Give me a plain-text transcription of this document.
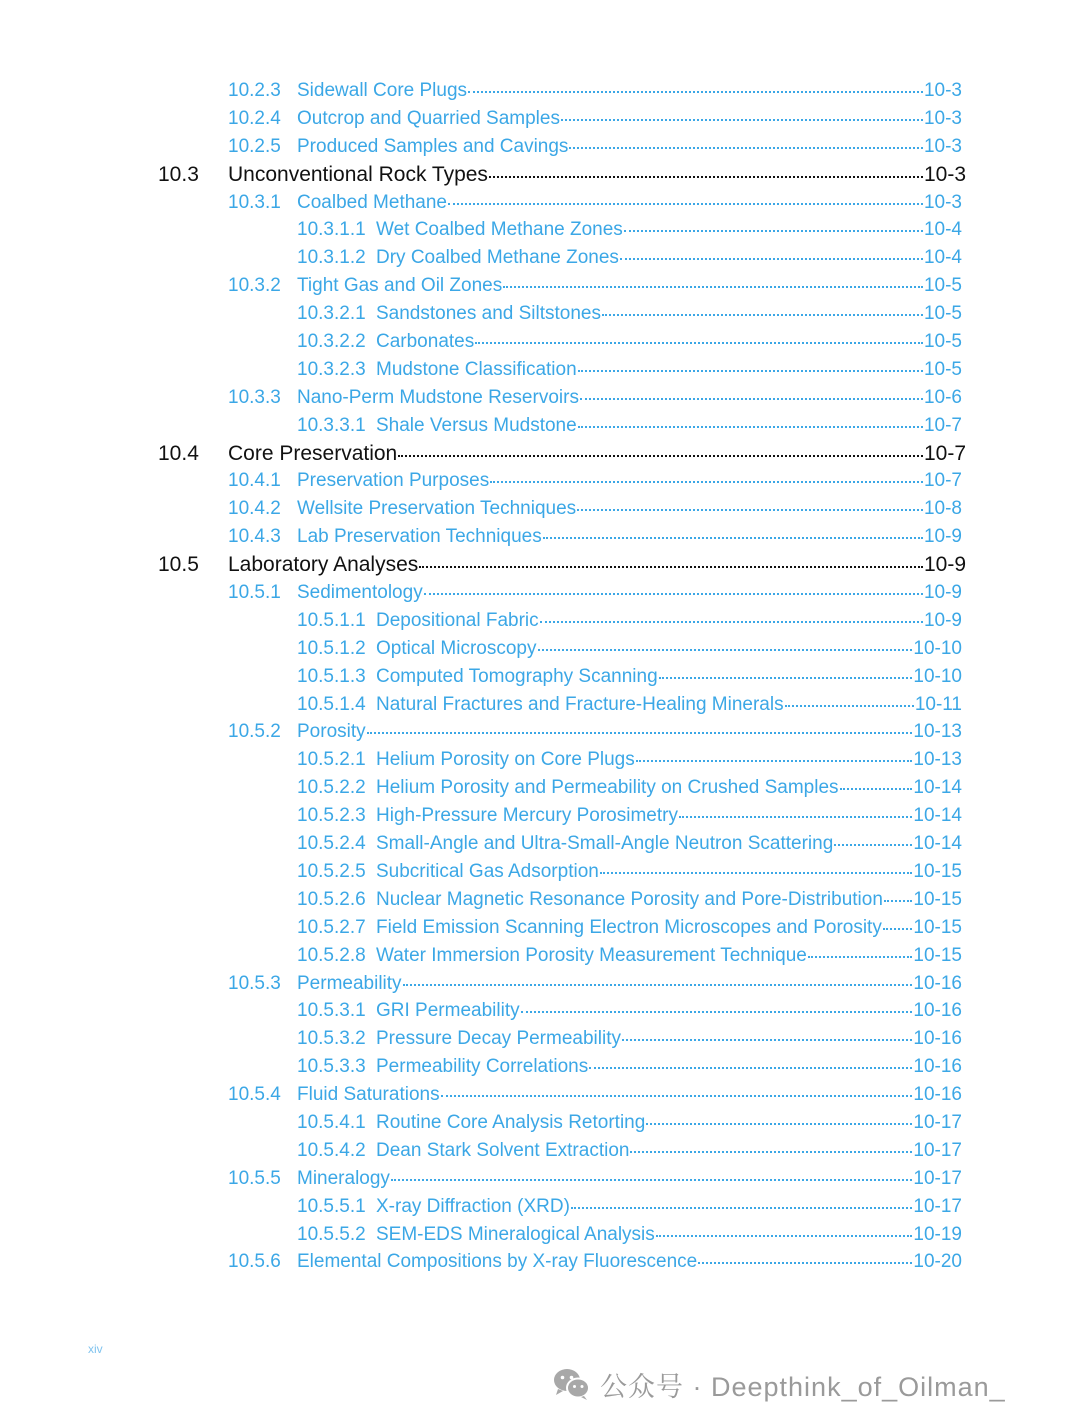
10.2.3 Sidewall Core Plugs	10-3
10.2.4 Outcrop and Quarried Samples	10-3
10.2.5 Produced Samples and Cavings	10-3
10.3 Unconventional Rock Types	10-3
10.3.1 Coalbed Methane	10-3
10.3.1.1 Wet Coalbed Methane Zones	10-4
10.3.1.2 Dry Coalbed Methane Zones	10-4
10.3.2 Tight Gas and Oil Zones	10-5
10.3.2.1 Sandstones and Siltstones	10-5
10.3.2.2 Carbonates	10-5
10.3.2.3 Mudstone Classification	10-5
10.3.3 Nano-Perm Mudstone Reservoirs	10-6
10.3.3.1 Shale Versus Mudstone	10-7
10.4 Core Preservation	10-7
10.4.1 Preservation Purposes	10-7
10.4.2 Wellsite Preservation Techniques	10-8
10.4.3 Lab Preservation Techniques	10-9
10.5 Laboratory Analyses	10-9
10.5.1 Sedimentology	10-9
10.5.1.1 Depositional Fabric	10-9
10.5.1.2 Optical Microscopy	10-10
10.5.1.3 Computed Tomography Scanning	10-10
10.5.1.4 Natural Fractures and Fracture-Healing Minerals	10-11
10.5.2 Porosity	10-13
10.5.2.1 Helium Porosity on Core Plugs	10-13
10.5.2.2 Helium Porosity and Permeability on Crushed Samples	10-14
10.5.2.3 High-Pressure Mercury Porosimetry	10-14
10.5.2.4 Small-Angle and Ultra-Small-Angle Neutron Scattering	10-14
10.5.2.5 Subcritical Gas Adsorption	10-15
10.5.2.6 Nuclear Magnetic Resonance Porosity and Pore-Distribution 10-15
10.5.2.7 Field Emission Scanning Electron Microscopes and Porosity 10-15
10.5.2.8 Water Immersion Porosity Measurement Technique	10-15
10.5.3 Permeability	10-16
10.5.3.1 GRI Permeability	10-16
10.5.3.2 Pressure Decay Permeability	10-16
10.5.3.3 Permeability Correlations	10-16
10.5.4 Fluid Saturations	10-16
10.5.4.1 Routine Core Analysis Retorting	10-17
10.5.4.2 Dean Stark Solvent Extraction	10-17
10.5.5 Mineralogy	10-17
10.5.5.1 X-ray Diffraction (XRD)	10-17
10.5.5.2 SEM-EDS Mineralogical Analysis	10-19
10.5.6 Elemental Compositions by X-ray Fluorescence	10-20
xiv
公众号 · Deepthink_of_Oilman_
